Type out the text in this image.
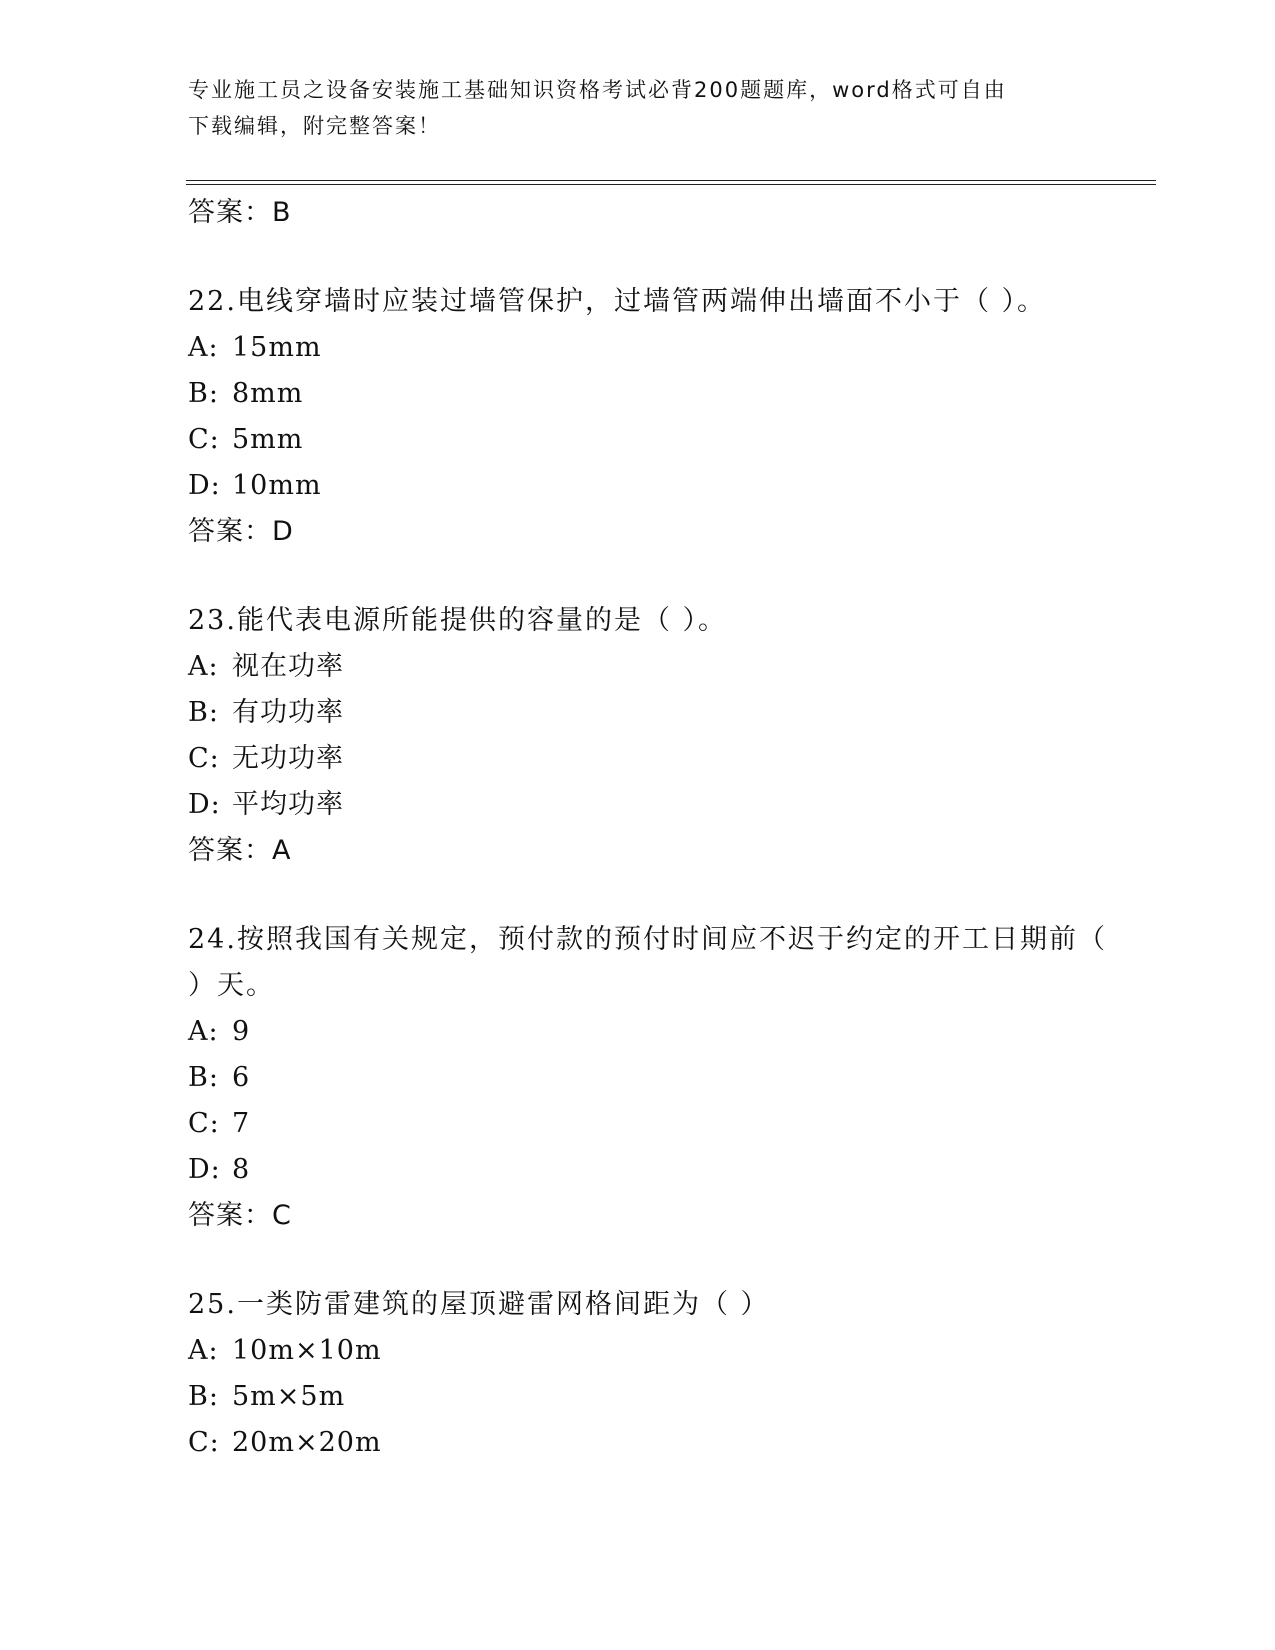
专业施工员之设备安装施工基础知识资格考试必背200题题库，word格式可自由
下载编辑，附完整答案！
答案：B
22.电线穿墙时应装过墙管保护，过墙管两端伸出墙面不小于（ ）。
A: 15mm
B: 8mm
C: 5mm
D: 10mm
答案：D
23.能代表电源所能提供的容量的是（ ）。
A: 视在功率
B: 有功功率
C: 无功功率
D: 平均功率
答案：A
24.按照我国有关规定，预付款的预付时间应不迟于约定的开工日期前（ ）天。
A: 9
B: 6
C: 7
D: 8
答案：C
25.一类防雷建筑的屋顶避雷网格间距为（ ）
A: 10m×10m
B: 5m×5m
C: 20m×20m
